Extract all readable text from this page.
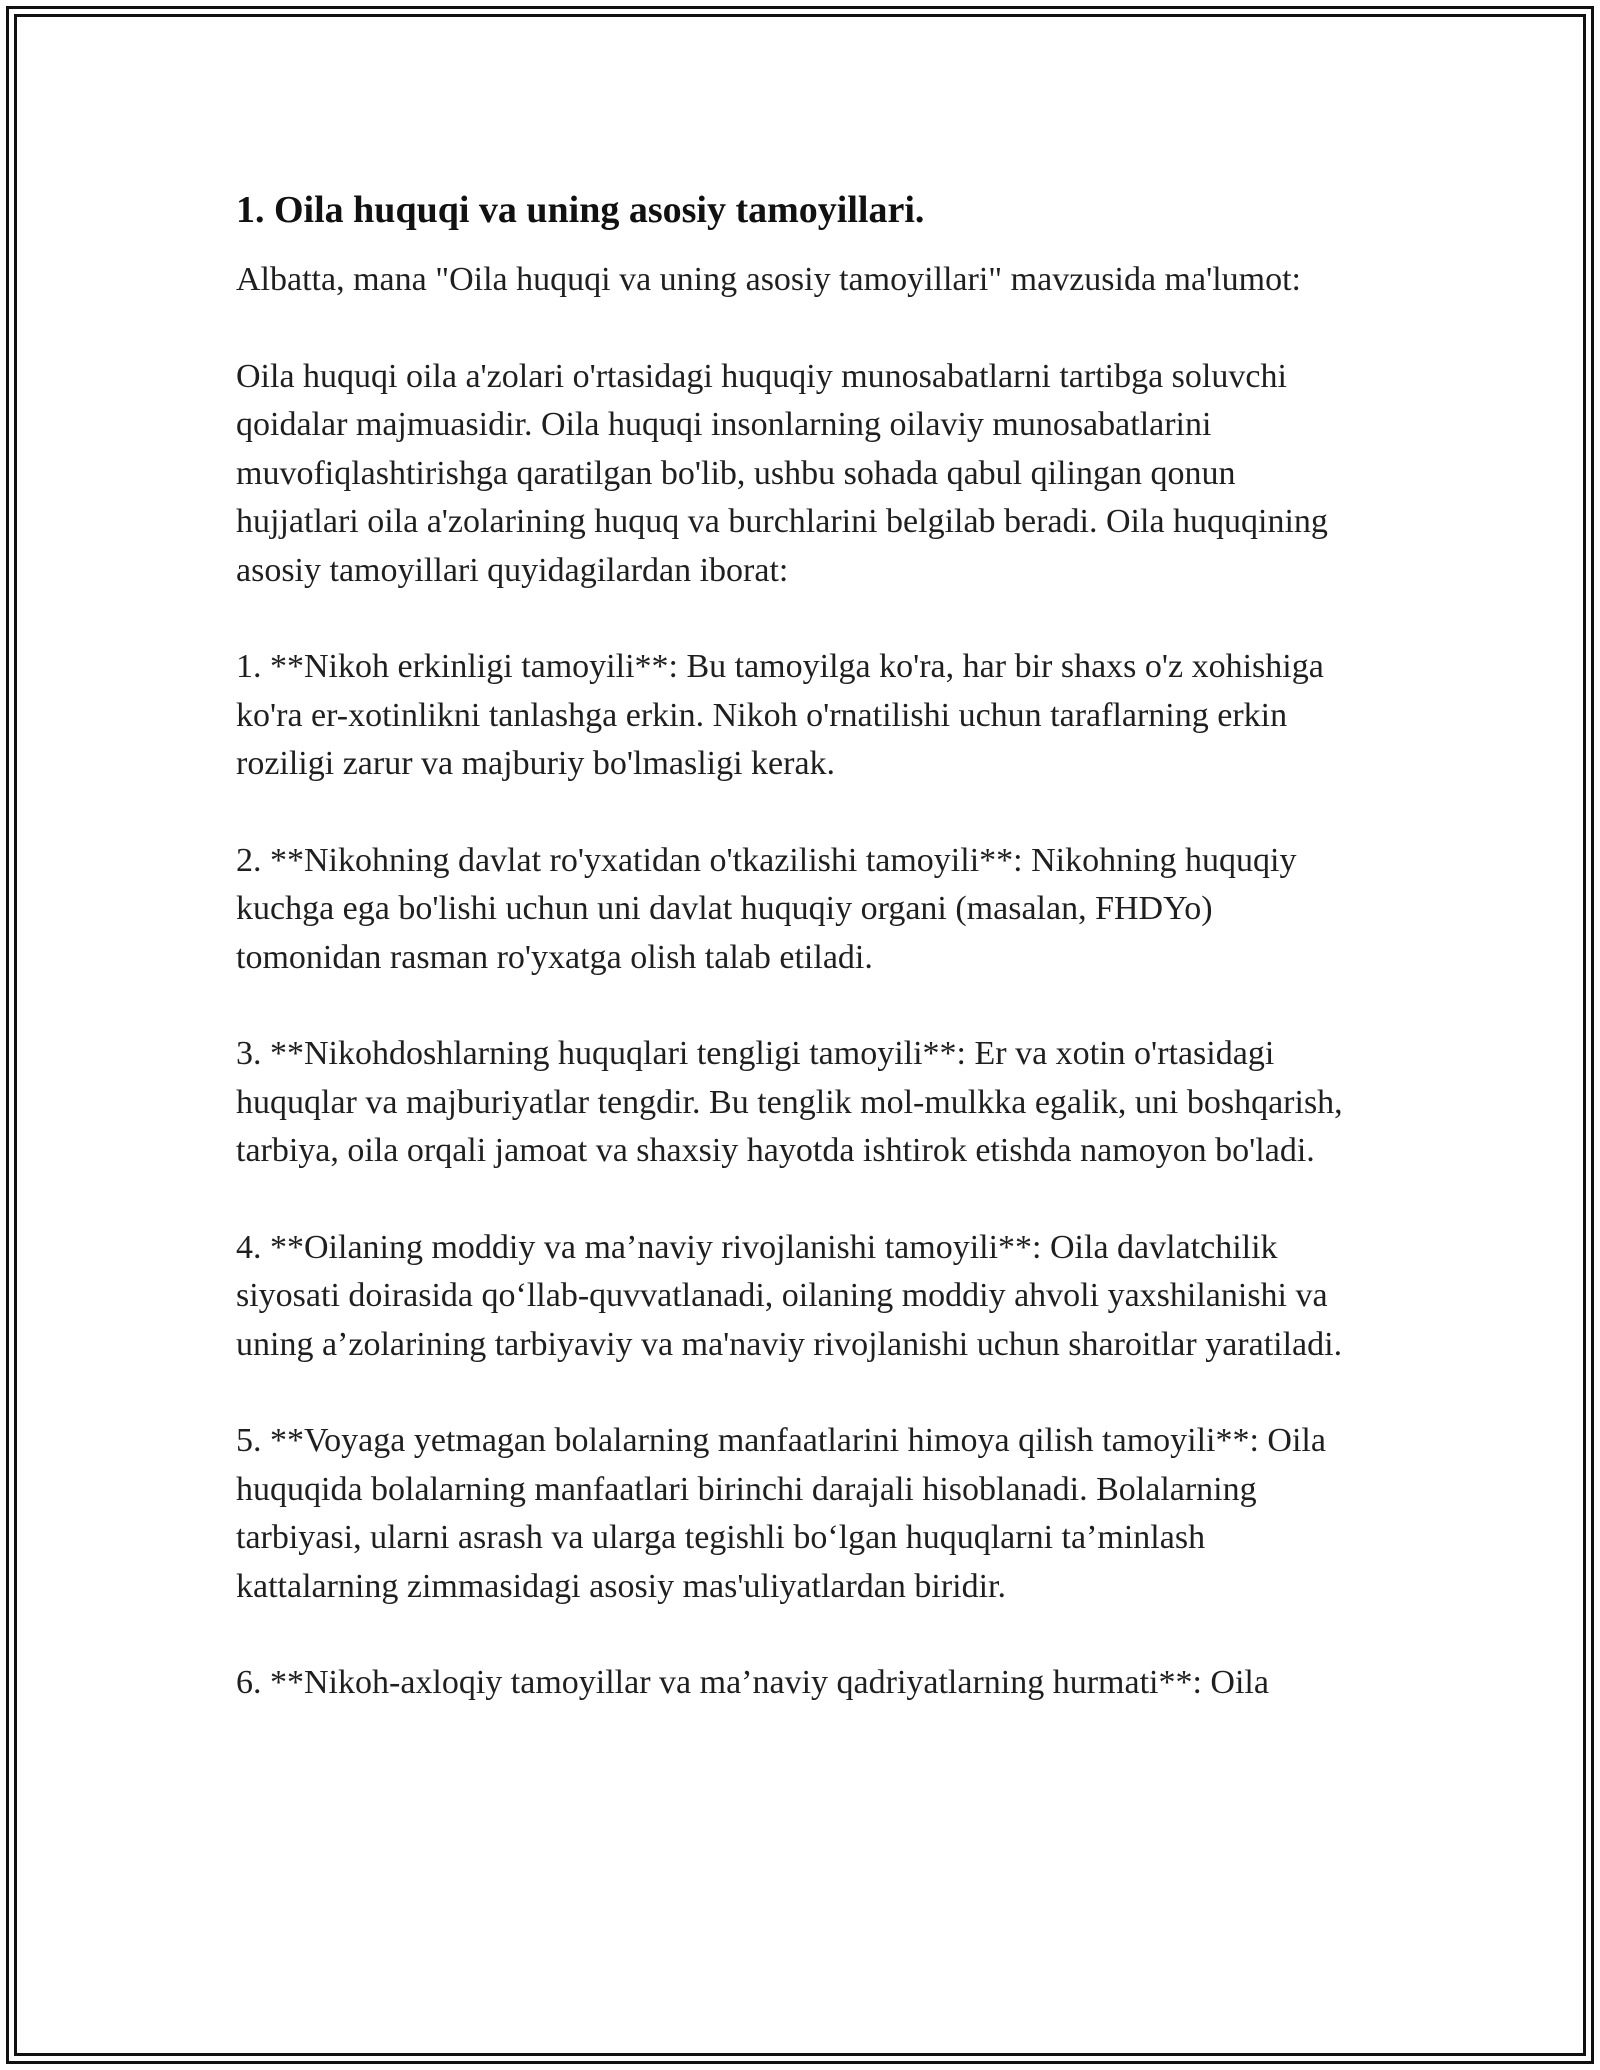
1. Oila huquqi va uning asosiy tamoyillari.

Albatta, mana "Oila huquqi va uning asosiy tamoyillari" mavzusida ma'lumot:

Oila huquqi oila a'zolari o'rtasidagi huquqiy munosabatlarni tartibga soluvchi qoidalar majmuasidir. Oila huquqi insonlarning oilaviy munosabatlarini muvofiqlashtirishga qaratilgan bo'lib, ushbu sohada qabul qilingan qonun hujjatlari oila a'zolarining huquq va burchlarini belgilab beradi. Oila huquqining asosiy tamoyillari quyidagilardan iborat:

1. **Nikoh erkinligi tamoyili**: Bu tamoyilga ko'ra, har bir shaxs o'z xohishiga ko'ra er-xotinlikni tanlashga erkin. Nikoh o'rnatilishi uchun taraflarning erkin roziligi zarur va majburiy bo'lmasligi kerak.

2. **Nikohning davlat ro'yxatidan o'tkazilishi tamoyili**: Nikohning huquqiy kuchga ega bo'lishi uchun uni davlat huquqiy organi (masalan, FHDYo) tomonidan rasman ro'yxatga olish talab etiladi.

3. **Nikohdoshlarning huquqlari tengligi tamoyili**: Er va xotin o'rtasidagi huquqlar va majburiyatlar tengdir. Bu tenglik mol-mulkka egalik, uni boshqarish, tarbiya, oila orqali jamoat va shaxsiy hayotda ishtirok etishda namoyon bo'ladi.

4. **Oilaning moddiy va ma’naviy rivojlanishi tamoyili**: Oila davlatchilik siyosati doirasida qo‘llab-quvvatlanadi, oilaning moddiy ahvoli yaxshilanishi va uning a’zolarining tarbiyaviy va ma'naviy rivojlanishi uchun sharoitlar yaratiladi.

5. **Voyaga yetmagan bolalarning manfaatlarini himoya qilish tamoyili**: Oila huquqida bolalarning manfaatlari birinchi darajali hisoblanadi. Bolalarning tarbiyasi, ularni asrash va ularga tegishli bo‘lgan huquqlarni ta’minlash kattalarning zimmasidagi asosiy mas'uliyatlardan biridir.

6. **Nikoh-axloqiy tamoyillar va ma’naviy qadriyatlarning hurmati**: Oila
